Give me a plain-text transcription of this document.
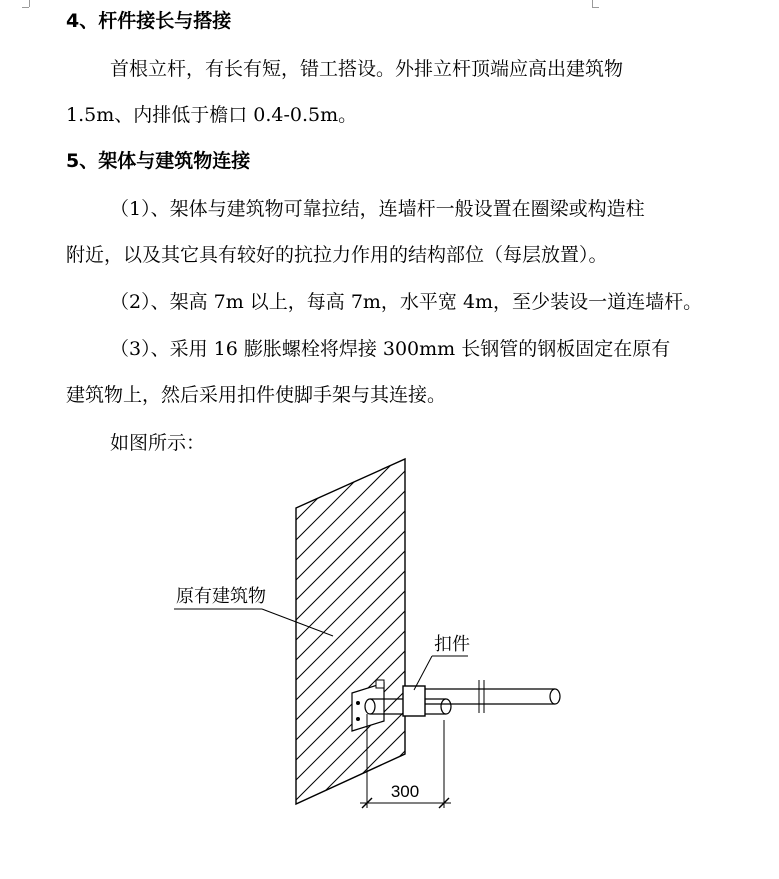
4、杆件接长与搭接
首根立杆，有长有短，错工搭设。外排立杆顶端应高出建筑物
1.5m、内排低于檐口 0.4-0.5m。
5、架体与建筑物连接
（1）、架体与建筑物可靠拉结，连墙杆一般设置在圈梁或构造柱
附近，以及其它具有较好的抗拉力作用的结构部位（每层放置）。
（2）、架高 7m 以上，每高 7m，水平宽 4m，至少装设一道连墙杆。
（3）、采用 16 膨胀螺栓将焊接 300mm 长钢管的钢板固定在原有
建筑物上，然后采用扣件使脚手架与其连接。
如图所示：
原有建筑物
扣件
300
